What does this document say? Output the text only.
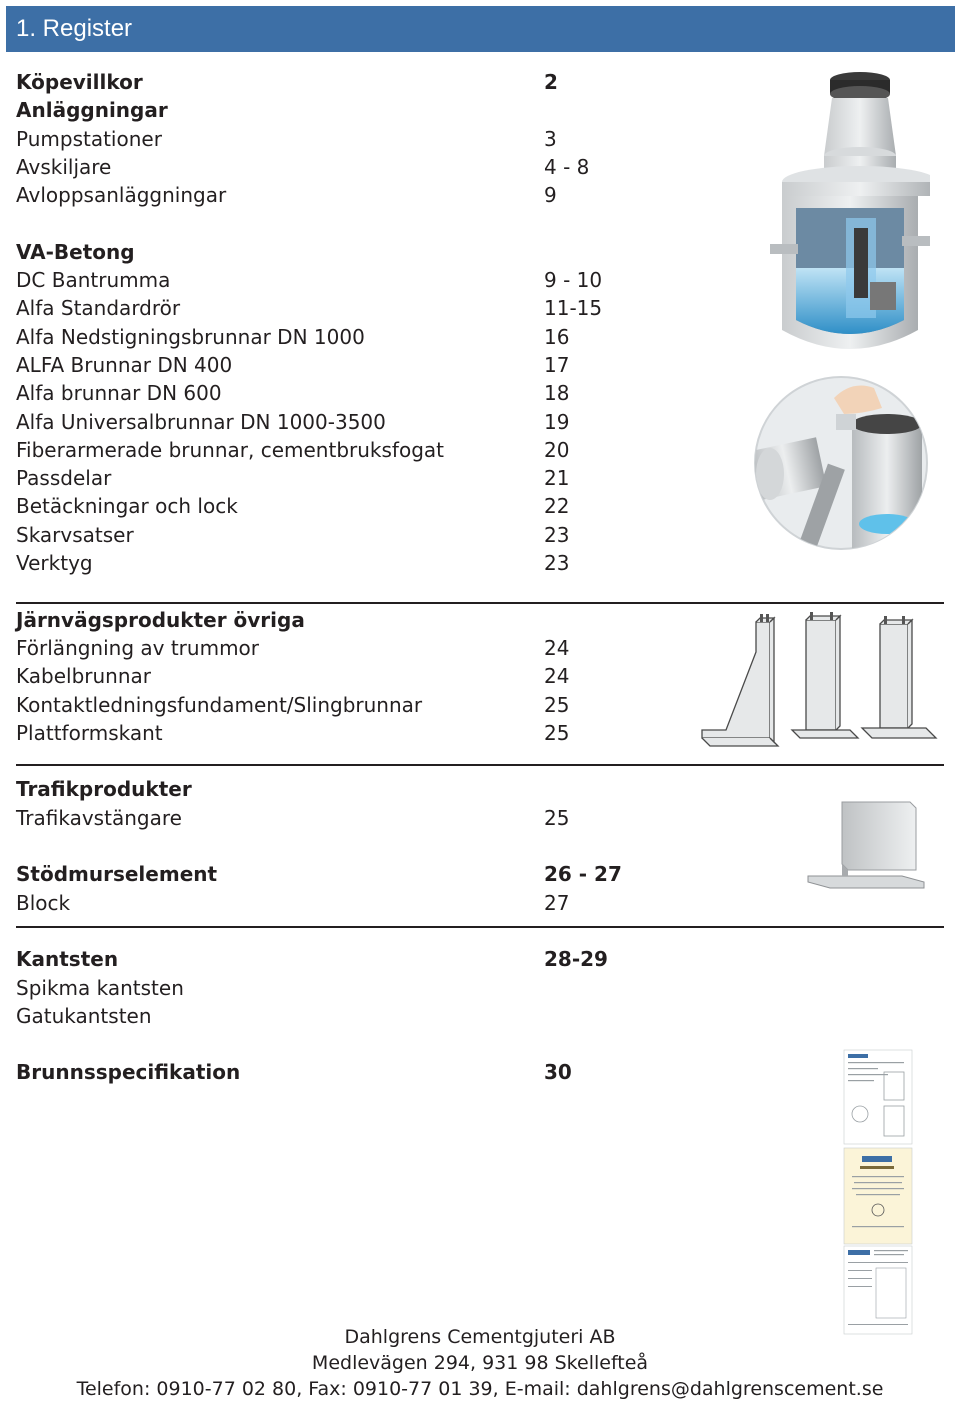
1. Register
Köpevillkor	2
Anläggningar
Pumpstationer	3
Avskiljare	4 - 8
Avloppsanläggningar	9
VA-Betong
DC Bantrumma	9 - 10
Alfa Standardrör	11-15
Alfa Nedstigningsbrunnar DN 1000	16
ALFA Brunnar DN 400	17
Alfa brunnar DN 600	18
Alfa Universalbrunnar DN 1000-3500	19
Fiberarmerade brunnar, cementbruksfogat	20
Passdelar	21
Betäckningar och lock	22
Skarvsatser	23
Verktyg	23
Järnvägsprodukter övriga
Förlängning av trummor	24
Kabelbrunnar	24
Kontaktledningsfundament/Slingbrunnar	25
Plattformskant	25
Trafikprodukter
Trafikavstängare	25
Stödmurselement	26 - 27
Block	27
Kantsten	28-29
Spikma kantsten
Gatukantsten
Brunnsspecifikation	30
Dahlgrens Cementgjuteri AB
Medlevägen 294, 931 98 Skellefteå
Telefon: 0910-77 02 80, Fax: 0910-77 01 39, E-mail: dahlgrens@dahlgrenscement.se
